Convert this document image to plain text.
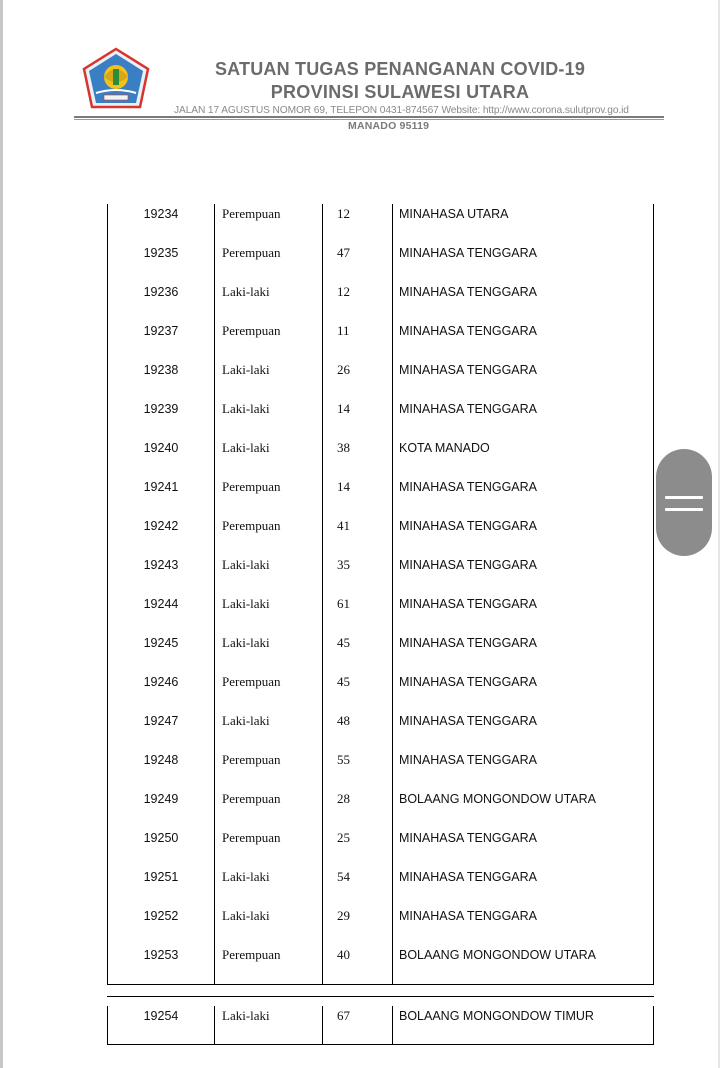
SATUAN TUGAS PENANGANAN COVID-19
PROVINSI SULAWESI UTARA
JALAN 17 AGUSTUS NOMOR 69, TELEPON 0431-874567 Website: http://www.corona.sulutprov.go.id
MANADO 95119
19234	Perempuan	12	MINAHASA UTARA
19235	Perempuan	47	MINAHASA TENGGARA
19236	Laki-laki	12	MINAHASA TENGGARA
19237	Perempuan	11	MINAHASA TENGGARA
19238	Laki-laki	26	MINAHASA TENGGARA
19239	Laki-laki	14	MINAHASA TENGGARA
19240	Laki-laki	38	KOTA MANADO
19241	Perempuan	14	MINAHASA TENGGARA
19242	Perempuan	41	MINAHASA TENGGARA
19243	Laki-laki	35	MINAHASA TENGGARA
19244	Laki-laki	61	MINAHASA TENGGARA
19245	Laki-laki	45	MINAHASA TENGGARA
19246	Perempuan	45	MINAHASA TENGGARA
19247	Laki-laki	48	MINAHASA TENGGARA
19248	Perempuan	55	MINAHASA TENGGARA
19249	Perempuan	28	BOLAANG MONGONDOW UTARA
19250	Perempuan	25	MINAHASA TENGGARA
19251	Laki-laki	54	MINAHASA TENGGARA
19252	Laki-laki	29	MINAHASA TENGGARA
19253	Perempuan	40	BOLAANG MONGONDOW UTARA
19254	Laki-laki	67	BOLAANG MONGONDOW TIMUR
